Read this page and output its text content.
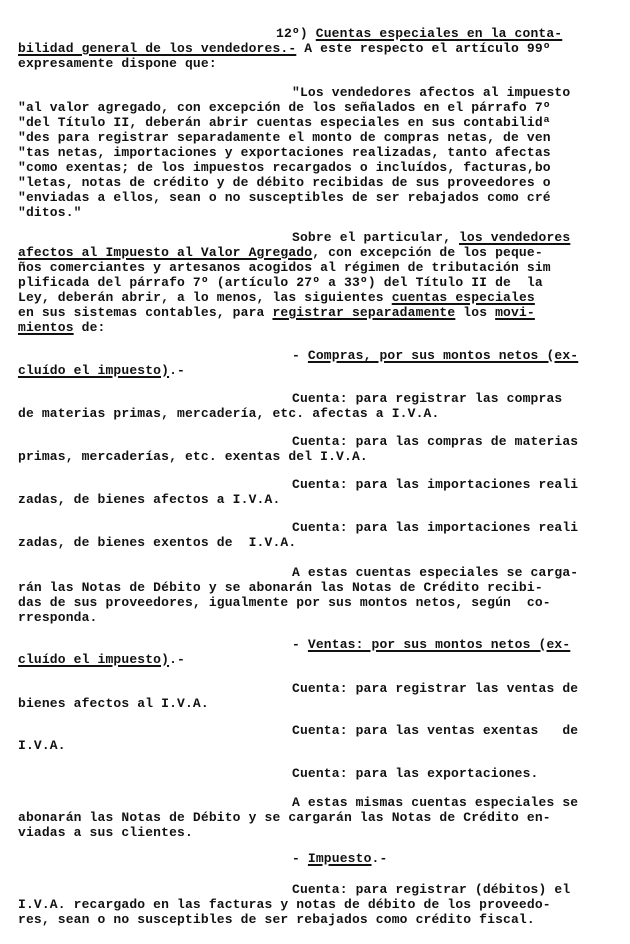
12º) Cuentas especiales en la conta-
bilidad general de los vendedores.- A este respecto el artículo 99º
expresamente dispone que:
"Los vendedores afectos al impuesto
"al valor agregado, con excepción de los señalados en el párrafo 7º
"del Título II, deberán abrir cuentas especiales en sus contabilidª
"des para registrar separadamente el monto de compras netas, de ven
"tas netas, importaciones y exportaciones realizadas, tanto afectas
"como exentas; de los impuestos recargados o incluídos, facturas,bo
"letas, notas de crédito y de débito recibidas de sus proveedores o
"enviadas a ellos, sean o no susceptibles de ser rebajados como cré
"ditos."
Sobre el particular, los vendedores
afectos al Impuesto al Valor Agregado, con excepción de los peque-
ños comerciantes y artesanos acogidos al régimen de tributación sim
plificada del párrafo 7º (artículo 27º a 33º) del Título II de  la
Ley, deberán abrir, a lo menos, las siguientes cuentas especiales
en sus sistemas contables, para registrar separadamente los movi-
mientos de:
- Compras, por sus montos netos (ex-
cluído el impuesto).-
Cuenta: para registrar las compras
de materias primas, mercadería, etc. afectas a I.V.A.
Cuenta: para las compras de materias
primas, mercaderías, etc. exentas del I.V.A.
Cuenta: para las importaciones reali
zadas, de bienes afectos a I.V.A.
Cuenta: para las importaciones reali
zadas, de bienes exentos de  I.V.A.
A estas cuentas especiales se carga-
rán las Notas de Débito y se abonarán las Notas de Crédito recibi-
das de sus proveedores, igualmente por sus montos netos, según  co-
rresponda.
- Ventas: por sus montos netos (ex-
cluído el impuesto).-
Cuenta: para registrar las ventas de
bienes afectos al I.V.A.
Cuenta: para las ventas exentas   de
I.V.A.
Cuenta: para las exportaciones.
A estas mismas cuentas especiales se
abonarán las Notas de Débito y se cargarán las Notas de Crédito en-
viadas a sus clientes.
- Impuesto.-
Cuenta: para registrar (débitos) el
I.V.A. recargado en las facturas y notas de débito de los proveedo-
res, sean o no susceptibles de ser rebajados como crédito fiscal.
